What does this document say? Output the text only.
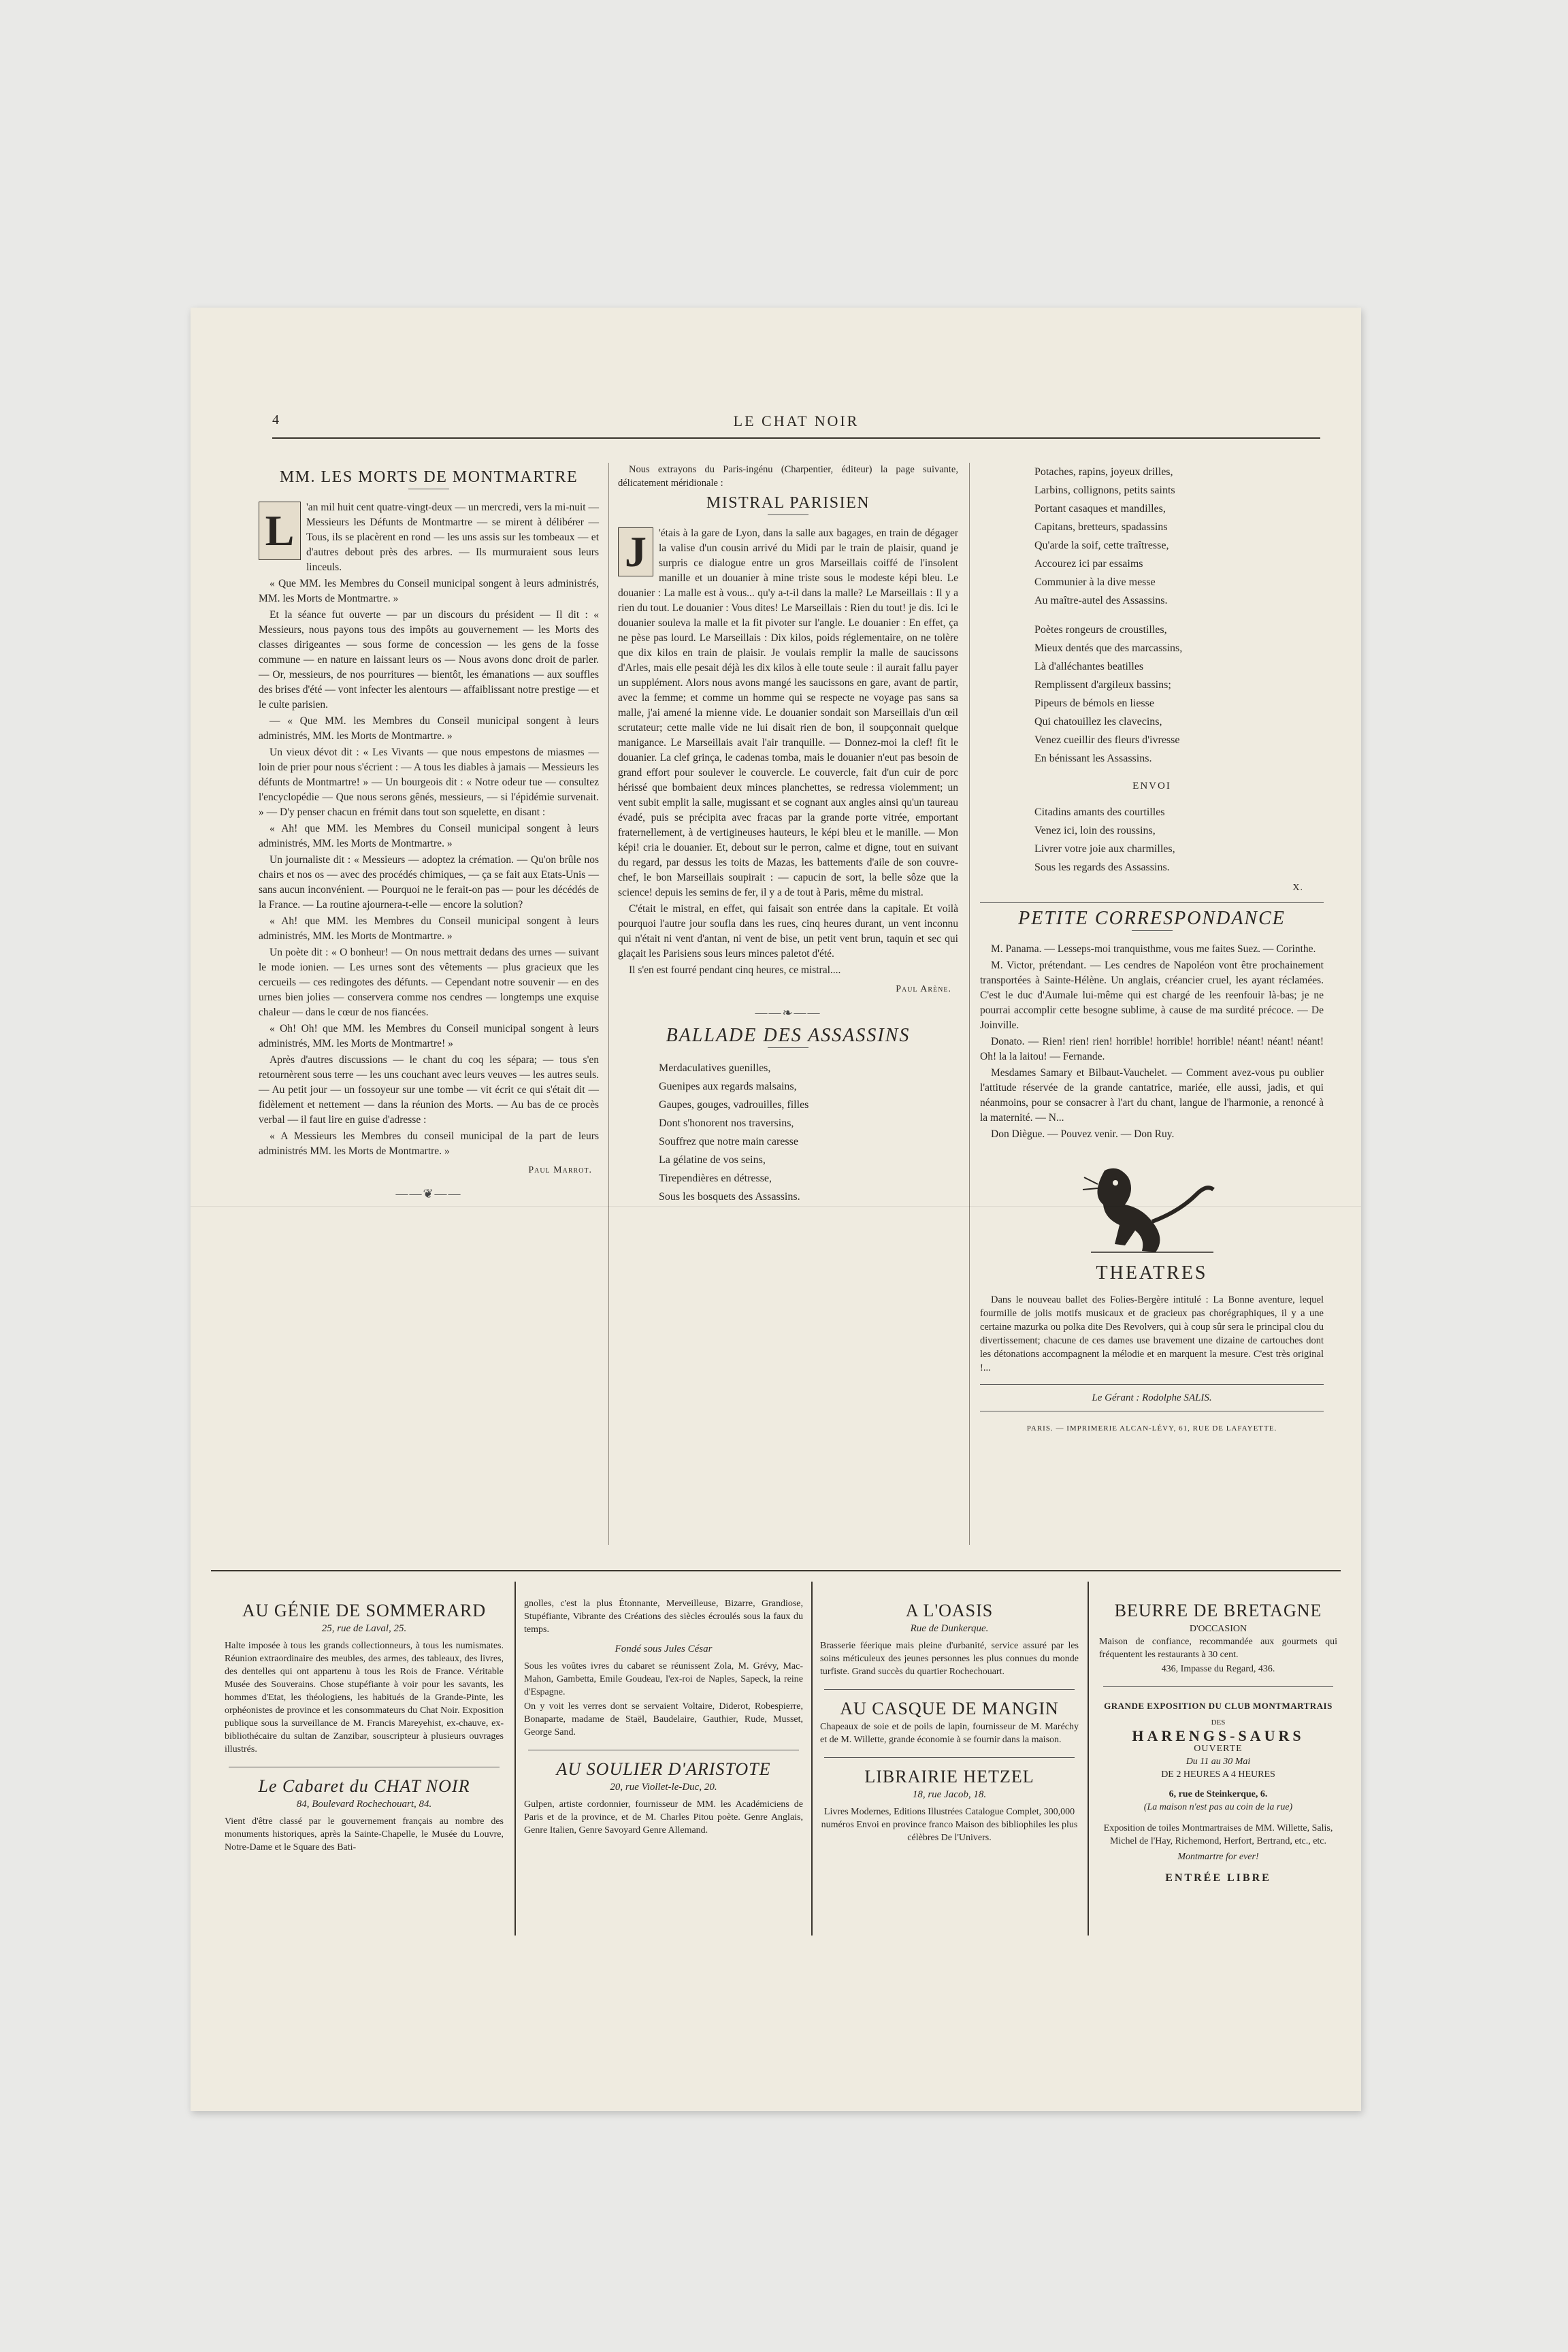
4	LE CHAT NOIR
MM. LES MORTS DE MONTMARTRE
L	'an mil huit cent quatre-vingt-deux — un mercredi, vers la mi-nuit — Messieurs les Défunts de Montmartre — se mirent à délibérer — Tous, ils se placèrent en rond — les uns assis sur les tombeaux — et d'autres debout près des arbres. — Ils murmuraient sous leurs linceuls.

« Que MM. les Membres du Conseil municipal songent à leurs administrés, MM. les Morts de Montmartre. »

Et la séance fut ouverte — par un discours du président — Il dit : « Messieurs, nous payons tous des impôts au gouvernement — les Morts des classes dirigeantes — sous forme de concession — les gens de la fosse commune — en nature en laissant leurs os — Nous avons donc droit de parler. — Or, messieurs, de nos pourritures — bientôt, les émanations — aux souffles des brises d'été — vont infecter les alentours — affaiblissant notre prestige — et le culte parisien.

— « Que MM. les Membres du Conseil municipal songent à leurs administrés, MM. les Morts de Montmartre. »

Un vieux dévot dit : « Les Vivants — que nous empestons de miasmes — loin de prier pour nous s'écrient : — A tous les diables à jamais — Messieurs les défunts de Montmartre! » — Un bourgeois dit : « Notre odeur tue — consultez l'encyclopédie — Que nous serons gênés, messieurs, — si l'épidémie survenait. » — D'y penser chacun en frémit dans tout son squelette, en disant :

« Ah! que MM. les Membres du Conseil municipal songent à leurs administrés, MM. les Morts de Montmartre. »

Un journaliste dit : « Messieurs — adoptez la crémation. — Qu'on brûle nos chairs et nos os — avec des procédés chimiques, — ça se fait aux Etats-Unis — sans aucun inconvénient. — Pourquoi ne le ferait-on pas — pour les décédés de la France. — La routine ajournera-t-elle — encore la solution?

« Ah! que MM. les Membres du Conseil municipal songent à leurs administrés, MM. les Morts de Montmartre. »

Un poète dit : « O bonheur! — On nous mettrait dedans des urnes — suivant le mode ionien. — Les urnes sont des vêtements — plus gracieux que les cercueils — ces redingotes des défunts. — Cependant notre souvenir — en des urnes bien jolies — conservera comme nos cendres — longtemps une exquise chaleur — dans le cœur de nos fiancées.

« Oh! Oh! que MM. les Membres du Conseil municipal songent à leurs administrés, MM. les Morts de Montmartre! »

Après d'autres discussions — le chant du coq les sépara; — tous s'en retournèrent sous terre — les uns couchant avec leurs veuves — les autres seuls. — Au petit jour — un fossoyeur sur une tombe — vit écrit ce qui s'était dit — fidèlement et nettement — dans la réunion des Morts. — Au bas de ce procès verbal — il faut lire en guise d'adresse :

« A Messieurs les Membres du conseil municipal de la part de leurs administrés MM. les Morts de Montmartre. »

Paul Marrot.
——❦——

Nous extrayons du Paris-ingénu (Charpentier, éditeur) la page suivante, délicatement méridionale :

MISTRAL PARISIEN
J	'étais à la gare de Lyon, dans la salle aux bagages, en train de dégager la valise d'un cousin arrivé du Midi par le train de plaisir, quand je surpris ce dialogue entre un gros Marseillais coiffé de l'insolent manille et un douanier à mine triste sous le modeste képi bleu. Le douanier : La malle est à vous... qu'y a-t-il dans la malle? Le Marseillais : Il y a rien du tout. Le douanier : Vous dites! Le Marseillais : Rien du tout! je dis. Ici le douanier souleva la malle et la fit pivoter sur l'angle. Le douanier : En effet, ça ne pèse pas lourd. Le Marseillais : Dix kilos, poids réglementaire, on ne tolère que dix kilos en train de plaisir. Je voulais remplir la malle de saucissons d'Arles, mais elle pesait déjà les dix kilos à elle toute seule : il aurait fallu payer un supplément. Alors nous avons mangé les saucissons en gare, avant de partir, avec la femme; et comme un homme qui se respecte ne voyage pas sans sa malle, j'ai amené la mienne vide. Le douanier sondait son Marseillais d'un œil scrutateur; cette malle vide ne lui disait rien de bon, il soupçonnait quelque manigance. Le Marseillais avait l'air tranquille. — Donnez-moi la clef! fit le douanier. La clef grinça, le cadenas tomba, mais le douanier n'eut pas besoin de grand effort pour soulever le couvercle. Le couvercle, fait d'un cuir de porc hérissé que bombaient deux minces planchettes, se redressa violemment; un vent subit emplit la salle, mugissant et se cognant aux angles ainsi qu'un taureau évadé, puis se précipita avec fracas par la grande porte vitrée, emportant fraternellement, à de vertigineuses hauteurs, le képi bleu et le manille. — Mon képi! cria le douanier. Et, debout sur le perron, calme et digne, tout en suivant du regard, par dessus les toits de Mazas, les battements d'aile de son couvre-chef, le bon Marseillais soupirait : — capucin de sort, la belle sôze que la science! depuis les semins de fer, il y a de tout à Paris, même du mistral.

C'était le mistral, en effet, qui faisait son entrée dans la capitale. Et voilà pourquoi l'autre jour soufla dans les rues, cinq heures durant, un vent inconnu qui n'était ni vent d'antan, ni vent de bise, un petit vent brun, taquin et sec qui glaçait les Parisiens sous leurs minces paletot d'été.

Il s'en est fourré pendant cinq heures, ce mistral....

Paul Arène.
——❧——
BALLADE DES ASSASSINS
Merdaculatives guenilles,
Guenipes aux regards malsains,
Gaupes, gouges, vadrouilles, filles
Dont s'honorent nos traversins,
Souffrez que notre main caresse
La gélatine de vos seins,
Tirependières en détresse,
Sous les bosquets des Assassins.
Potaches, rapins, joyeux drilles,
Larbins, collignons, petits saints
Portant casaques et mandilles,
Capitans, bretteurs, spadassins
Qu'arde la soif, cette traîtresse,
Accourez ici par essaims
Communier à la dive messe
Au maître-autel des Assassins.
Poètes rongeurs de croustilles,
Mieux dentés que des marcassins,
Là d'alléchantes beatilles
Remplissent d'argileux bassins;
Pipeurs de bémols en liesse
Qui chatouillez les clavecins,
Venez cueillir des fleurs d'ivresse
En bénissant les Assassins.
ENVOI
Citadins amants des courtilles
Venez ici, loin des roussins,
Livrer votre joie aux charmilles,
Sous les regards des Assassins.
X.
PETITE CORRESPONDANCE

M. Panama. — Lesseps-moi tranquisthme, vous me faites Suez. — Corinthe.

M. Victor, prétendant. — Les cendres de Napoléon vont être prochainement transportées à Sainte-Hélène. Un anglais, créancier cruel, les ayant réclamées. C'est le duc d'Aumale lui-même qui est chargé de les reenfouir là-bas; je ne pourrai accomplir cette besogne sublime, à cause de ma surdité précoce. — De Joinville.

Donato. — Rien! rien! rien! horrible! horrible! horrible! néant! néant! néant! Oh! la la laitou! — Fernande.

Mesdames Samary et Bilbaut-Vauchelet. — Comment avez-vous pu oublier l'attitude réservée de la grande cantatrice, mariée, elle aussi, jadis, et qui néanmoins, pour se consacrer à l'art du chant, langue de l'harmonie, a renoncé à la maternité. — N...

Don Diègue. — Pouvez venir. — Don Ruy.

THEATRES

Dans le nouveau ballet des Folies-Bergère intitulé : La Bonne aventure, lequel fourmille de jolis motifs musicaux et de gracieux pas chorégraphiques, il y a une certaine mazurka ou polka dite Des Revolvers, qui à coup sûr sera le principal clou du divertissement; chacune de ces dames use bravement une dizaine de cartouches dont les détonations accompagnent la mélodie et en marquent la mesure. C'est très original !...

Le Gérant : Rodolphe SALIS.
PARIS. — IMPRIMERIE ALCAN-LÉVY, 61, RUE DE LAFAYETTE.
AU GÉNIE DE SOMMERARD
25, rue de Laval, 25.

Halte imposée à tous les grands collectionneurs, à tous les numismates. Réunion extraordinaire des meubles, des armes, des tableaux, des livres, des dentelles qui ont appartenu à tous les Rois de France. Véritable Musée des Souverains. Chose stupéfiante à voir pour les savants, les hommes d'Etat, les théologiens, les habitués de la Grande-Pinte, les orphéonistes de province et les consommateurs du Chat Noir. Exposition publique sous la surveillance de M. Francis Mareyehist, ex-chauve, ex-bibliothécaire du sultan de Zanzibar, souscripteur à plusieurs ouvrages illustrés.

Le Cabaret du CHAT NOIR
84, Boulevard Rochechouart, 84.

Vient d'être classé par le gouvernement français au nombre des monuments historiques, après la Sainte-Chapelle, le Musée du Louvre, Notre-Dame et le Square des Bati-

gnolles, c'est la plus Étonnante, Merveilleuse, Bizarre, Grandiose, Stupéfiante, Vibrante des Créations des siècles écroulés sous la faux du temps.

Fondé sous Jules César

Sous les voûtes ivres du cabaret se réunissent Zola, M. Grévy, Mac-Mahon, Gambetta, Emile Goudeau, l'ex-roi de Naples, Sapeck, la reine d'Espagne.

On y voit les verres dont se servaient Voltaire, Diderot, Robespierre, Bonaparte, madame de Staël, Baudelaire, Gauthier, Rude, Musset, George Sand.

AU SOULIER D'ARISTOTE
20, rue Viollet-le-Duc, 20.

Gulpen, artiste cordonnier, fournisseur de MM. les Académiciens de Paris et de la province, et de M. Charles Pitou poète. Genre Anglais, Genre Italien, Genre Savoyard Genre Allemand.

A L'OASIS
Rue de Dunkerque.

Brasserie féerique mais pleine d'urbanité, service assuré par les soins méticuleux des jeunes personnes les plus connues du monde turfiste. Grand succès du quartier Rochechouart.

AU CASQUE DE MANGIN

Chapeaux de soie et de poils de lapin, fournisseur de M. Maréchy et de M. Willette, grande économie à se fournir dans la maison.

LIBRAIRIE HETZEL
18, rue Jacob, 18.

Livres Modernes, Editions Illustrées Catalogue Complet, 300,000 numéros Envoi en province franco Maison des bibliophiles les plus célèbres De l'Univers.

BEURRE DE BRETAGNE
D'OCCASION

Maison de confiance, recommandée aux gourmets qui fréquentent les restaurants à 30 cent.

436, Impasse du Regard, 436.
GRANDE EXPOSITION DU CLUB MONTMARTRAIS
DES
HARENGS-SAURS
OUVERTE
Du 11 au 30 Mai
DE 2 HEURES A 4 HEURES
6, rue de Steinkerque, 6.
(La maison n'est pas au coin de la rue)

Exposition de toiles Montmartraises de MM. Willette, Salis, Michel de l'Hay, Richemond, Herfort, Bertrand, etc., etc.

Montmartre for ever!
ENTRÉE LIBRE
